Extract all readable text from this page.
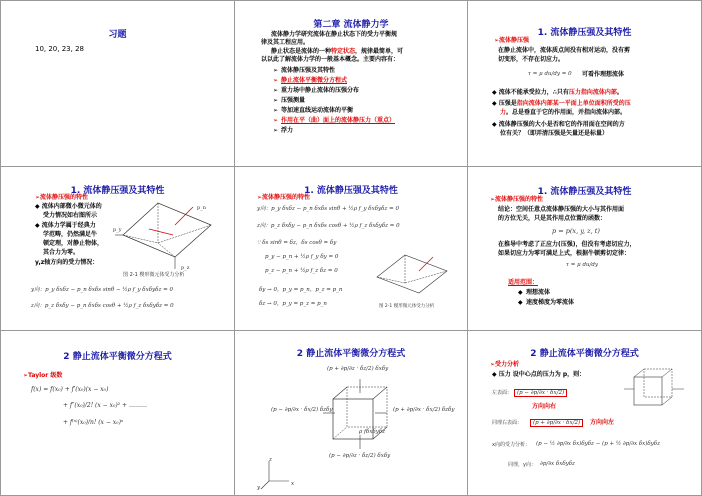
习题
10, 20, 23, 28
第二章 流体静力学
流体静力学研究流体在静止状态下的受力平衡规
律及其工程应用。
静止状态是流体的一种特定状态，规律最简单，可
以以此了解流体力学的一般基本概念。主要内容有：
➢ 流体静压强及其特性
➢ 静止流体平衡微分方程式
➢ 重力场中静止流体的压强分布
➢ 压强测量
➢ 等加速直线运动流体的平衡
➢ 作用在平（曲）面上的流体静压力（重点）
➢ 浮力
1. 流体静压强及其特性
➢流体静压强
在静止流体中，流体质点间没有相对运动，没有剪
切变形，不存在切应力。
τ = μ du/dy = 0 可看作理想流体
◆ 流体不能承受拉力，∴只有压力指向流体内部。
◆ 压强是指向流体内部某一平面上单位面积所受的压
力。总是垂直于它的作用面，并指向流体内部。
◆ 流体静压强的大小是否和它的作用面在空间的方
位有关？（即弄清压强是矢量还是标量）
1. 流体静压强及其特性
➢流体静压强的特性
◆ 流体内部微小微元体的
受力情况如右图所示
◆ 流体力学属于经典力
学范畴，仍然满足牛
顿定理，对静止物体，
其合力为零。
y,z轴方向的受力情况：
p_n
p_z
p_y
图 2-1 楔形微元体受力分析
y向：p_y δxδz − p_n δxδs sinθ − ½ρ f_y δxδyδz = 0
z向：p_z δxδy − p_n δxδs cosθ + ½ρ f_z δxδyδz = 0
1. 流体静压强及其特性
➢流体静压强的特性
y向：p_y δxδz − p_n δxδs sinθ + ½ρ f_y δxδyδz = 0
z向：p_z δxδy − p_n δxδs cosθ + ½ρ f_z δxδyδz = 0
∵ δs sinθ = δz，δs cosθ = δy
p_y − p_n + ½ρ f_y δy = 0
p_z − p_n + ½ρ f_z δz = 0
δy → 0，p_y = p_n，p_z = p_n
δz → 0，p_y = p_z = p_n	图 2-1 楔形微元体受力分析
1. 流体静压强及其特性
➢流体静压强的特性
结论：空间任意点流体静压强的大小与其作用面
的方位无关，只是其作用点位置的函数：
p = p(x, y, z, t)
在推导中考虑了正应力(压强)，但没有考虑切应力，
如果切应力为零可满足上式，根据牛顿剪切定律：
τ = μ du/dy
适用范围：
◆ 理想流体
◆ 速度梯度为零流体
2 静止流体平衡微分方程式
➢Taylor 级数
f(x) = f(x₀) + f′(x₀)(x − x₀)
+ f″(x₀)/2! (x − x₀)² + ………
+ f⁽ⁿ⁾(x₀)/n! (x − x₀)ⁿ
2 静止流体平衡微分方程式
(p + ∂p/∂z · δz/2) δxδy
(p − ∂p/∂x · δx/2) δzδy	(p + ∂p/∂x · δx/2) δzδy
(p − ∂p/∂z · δz/2) δxδy
ρ fδxδyδz
x
y
z
2 静止流体平衡微分方程式
➢受力分析
◆ 压力 设中心点的压力为 p，则：
左表面： (p − ∂p/∂x · δx/2)
方向向右
同理右表面：	(p + ∂p/∂x · δx/2)	方向向左
x向的受力分析： (p − ½ ∂p/∂x δx)δyδz − (p + ½ ∂p/∂x δx)δyδz
同理，y向： ∂p/∂x δxδyδz
